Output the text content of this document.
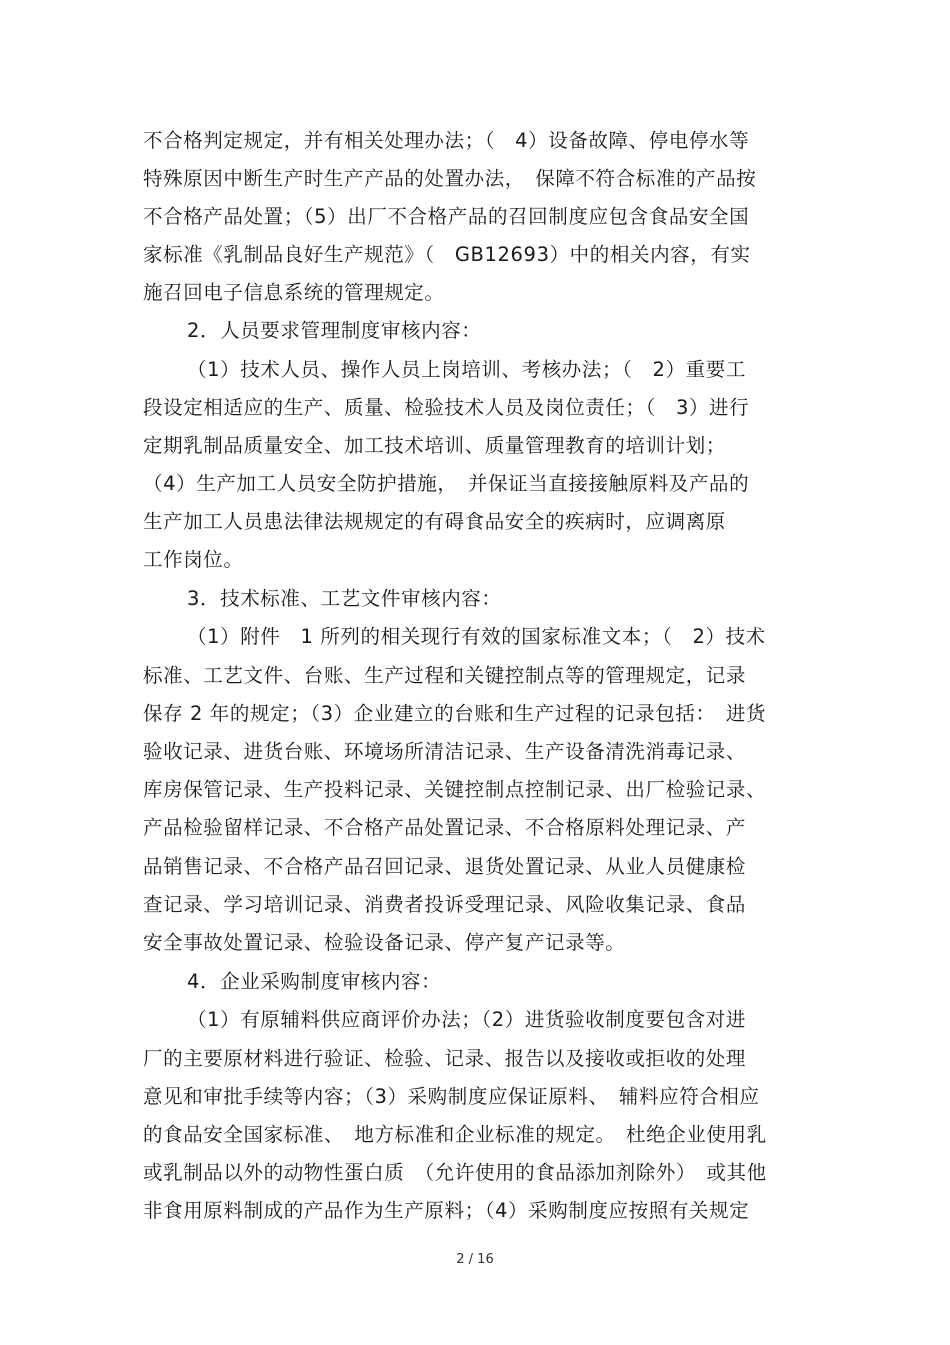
不合格判定规定，并有相关处理办法；（　4）设备故障、停电停水等
特殊原因中断生产时生产产品的处置办法，　保障不符合标准的产品按
不合格产品处置；（5）出厂不合格产品的召回制度应包含食品安全国
家标准《乳制品良好生产规范》（　GB12693）中的相关内容，有实
施召回电子信息系统的管理规定。
2．人员要求管理制度审核内容：
（1）技术人员、操作人员上岗培训、考核办法；（　2）重要工
段设定相适应的生产、质量、检验技术人员及岗位责任；（　3）进行
定期乳制品质量安全、加工技术培训、质量管理教育的培训计划；
（4）生产加工人员安全防护措施，　并保证当直接接触原料及产品的
生产加工人员患法律法规规定的有碍食品安全的疾病时，应调离原
工作岗位。
3．技术标准、工艺文件审核内容：
（1）附件　1 所列的相关现行有效的国家标准文本；（　2）技术
标准、工艺文件、台账、生产过程和关键控制点等的管理规定，记录
保存 2 年的规定；（3）企业建立的台账和生产过程的记录包括：　进货
验收记录、进货台账、环境场所清洁记录、生产设备清洗消毒记录、
库房保管记录、生产投料记录、关键控制点控制记录、出厂检验记录、
产品检验留样记录、不合格产品处置记录、不合格原料处理记录、产
品销售记录、不合格产品召回记录、退货处置记录、从业人员健康检
查记录、学习培训记录、消费者投诉受理记录、风险收集记录、食品
安全事故处置记录、检验设备记录、停产复产记录等。
4．企业采购制度审核内容：
（1）有原辅料供应商评价办法；（2）进货验收制度要包含对进
厂的主要原材料进行验证、检验、记录、报告以及接收或拒收的处理
意见和审批手续等内容；（3）采购制度应保证原料、　辅料应符合相应
的食品安全国家标准、　地方标准和企业标准的规定。　杜绝企业使用乳
或乳制品以外的动物性蛋白质　（允许使用的食品添加剂除外）　或其他
非食用原料制成的产品作为生产原料；（4）采购制度应按照有关规定
2 / 16
